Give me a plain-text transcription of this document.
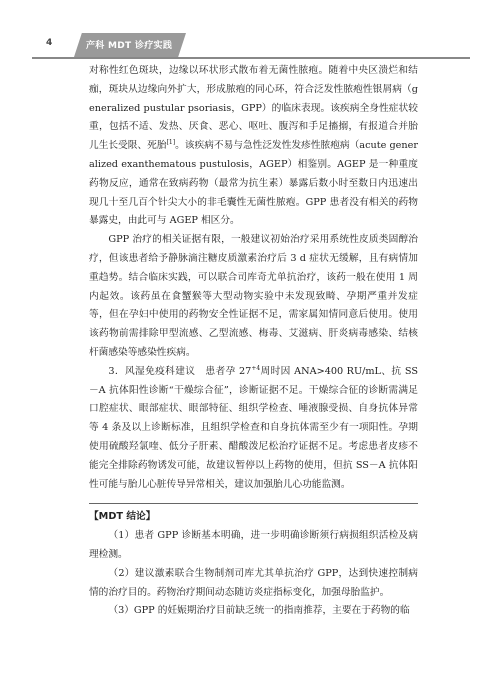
4	产科 MDT 诊疗实践

对称性红色斑块，边缘以环状形式散布着无菌性脓疱。随着中央区溃烂和结痂，斑块从边缘向外扩大，形成脓疱的同心环，符合泛发性脓疱性银屑病（generalized pustular psoriasis，GPP）的临床表现。该疾病全身性症状较重，包括不适、发热、厌食、恶心、呕吐、腹泻和手足搐搦，有报道合并胎儿生长受限、死胎[1]。该疾病不易与急性泛发性发疹性脓疱病（acute generalized exanthematous pustulosis，AGEP）相鉴别。AGEP 是一种重度药物反应，通常在致病药物（最常为抗生素）暴露后数小时至数日内迅速出现几十至几百个针尖大小的非毛囊性无菌性脓疱。GPP 患者没有相关的药物暴露史，由此可与 AGEP 相区分。

GPP 治疗的相关证据有限，一般建议初始治疗采用系统性皮质类固醇治疗，但该患者给予静脉滴注糖皮质激素治疗后 3 d 症状无缓解，且有病情加重趋势。结合临床实践，可以联合司库奇尤单抗治疗，该药一般在使用 1 周内起效。该药虽在食蟹猴等大型动物实验中未发现致畸、孕期严重并发症等，但在孕妇中使用的药物安全性证据不足，需家属知情同意后使用。使用该药物前需排除甲型流感、乙型流感、梅毒、艾滋病、肝炎病毒感染、结核杆菌感染等感染性疾病。

3．风湿免疫科建议　 患者孕 $27^{+4}$周时因 ANA>400 RU/mL、抗 SS－A 抗体阳性诊断“干燥综合征”，诊断证据不足。干燥综合征的诊断需满足口腔症状、眼部症状、眼部特征、组织学检查、唾液腺受损、自身抗体异常等 4 条及以上诊断标准，且组织学检查和自身抗体需至少有一项阳性。孕期使用硫酸羟氯喹、低分子肝素、醋酸泼尼松治疗证据不足。考虑患者皮疹不能完全排除药物诱发可能，故建议暂停以上药物的使用，但抗 SS－A 抗体阳性可能与胎儿心脏传导异常相关，建议加强胎儿心功能监测。

【MDT 结论】

（1）患者 GPP 诊断基本明确，进一步明确诊断须行病损组织活检及病理检测。

（2）建议激素联合生物制剂司库尤其单抗治疗 GPP，达到快速控制病情的治疗目的。药物治疗期间动态随访炎症指标变化，加强母胎监护。

（3）GPP 的妊娠期治疗目前缺乏统一的指南推荐，主要在于药物的临
